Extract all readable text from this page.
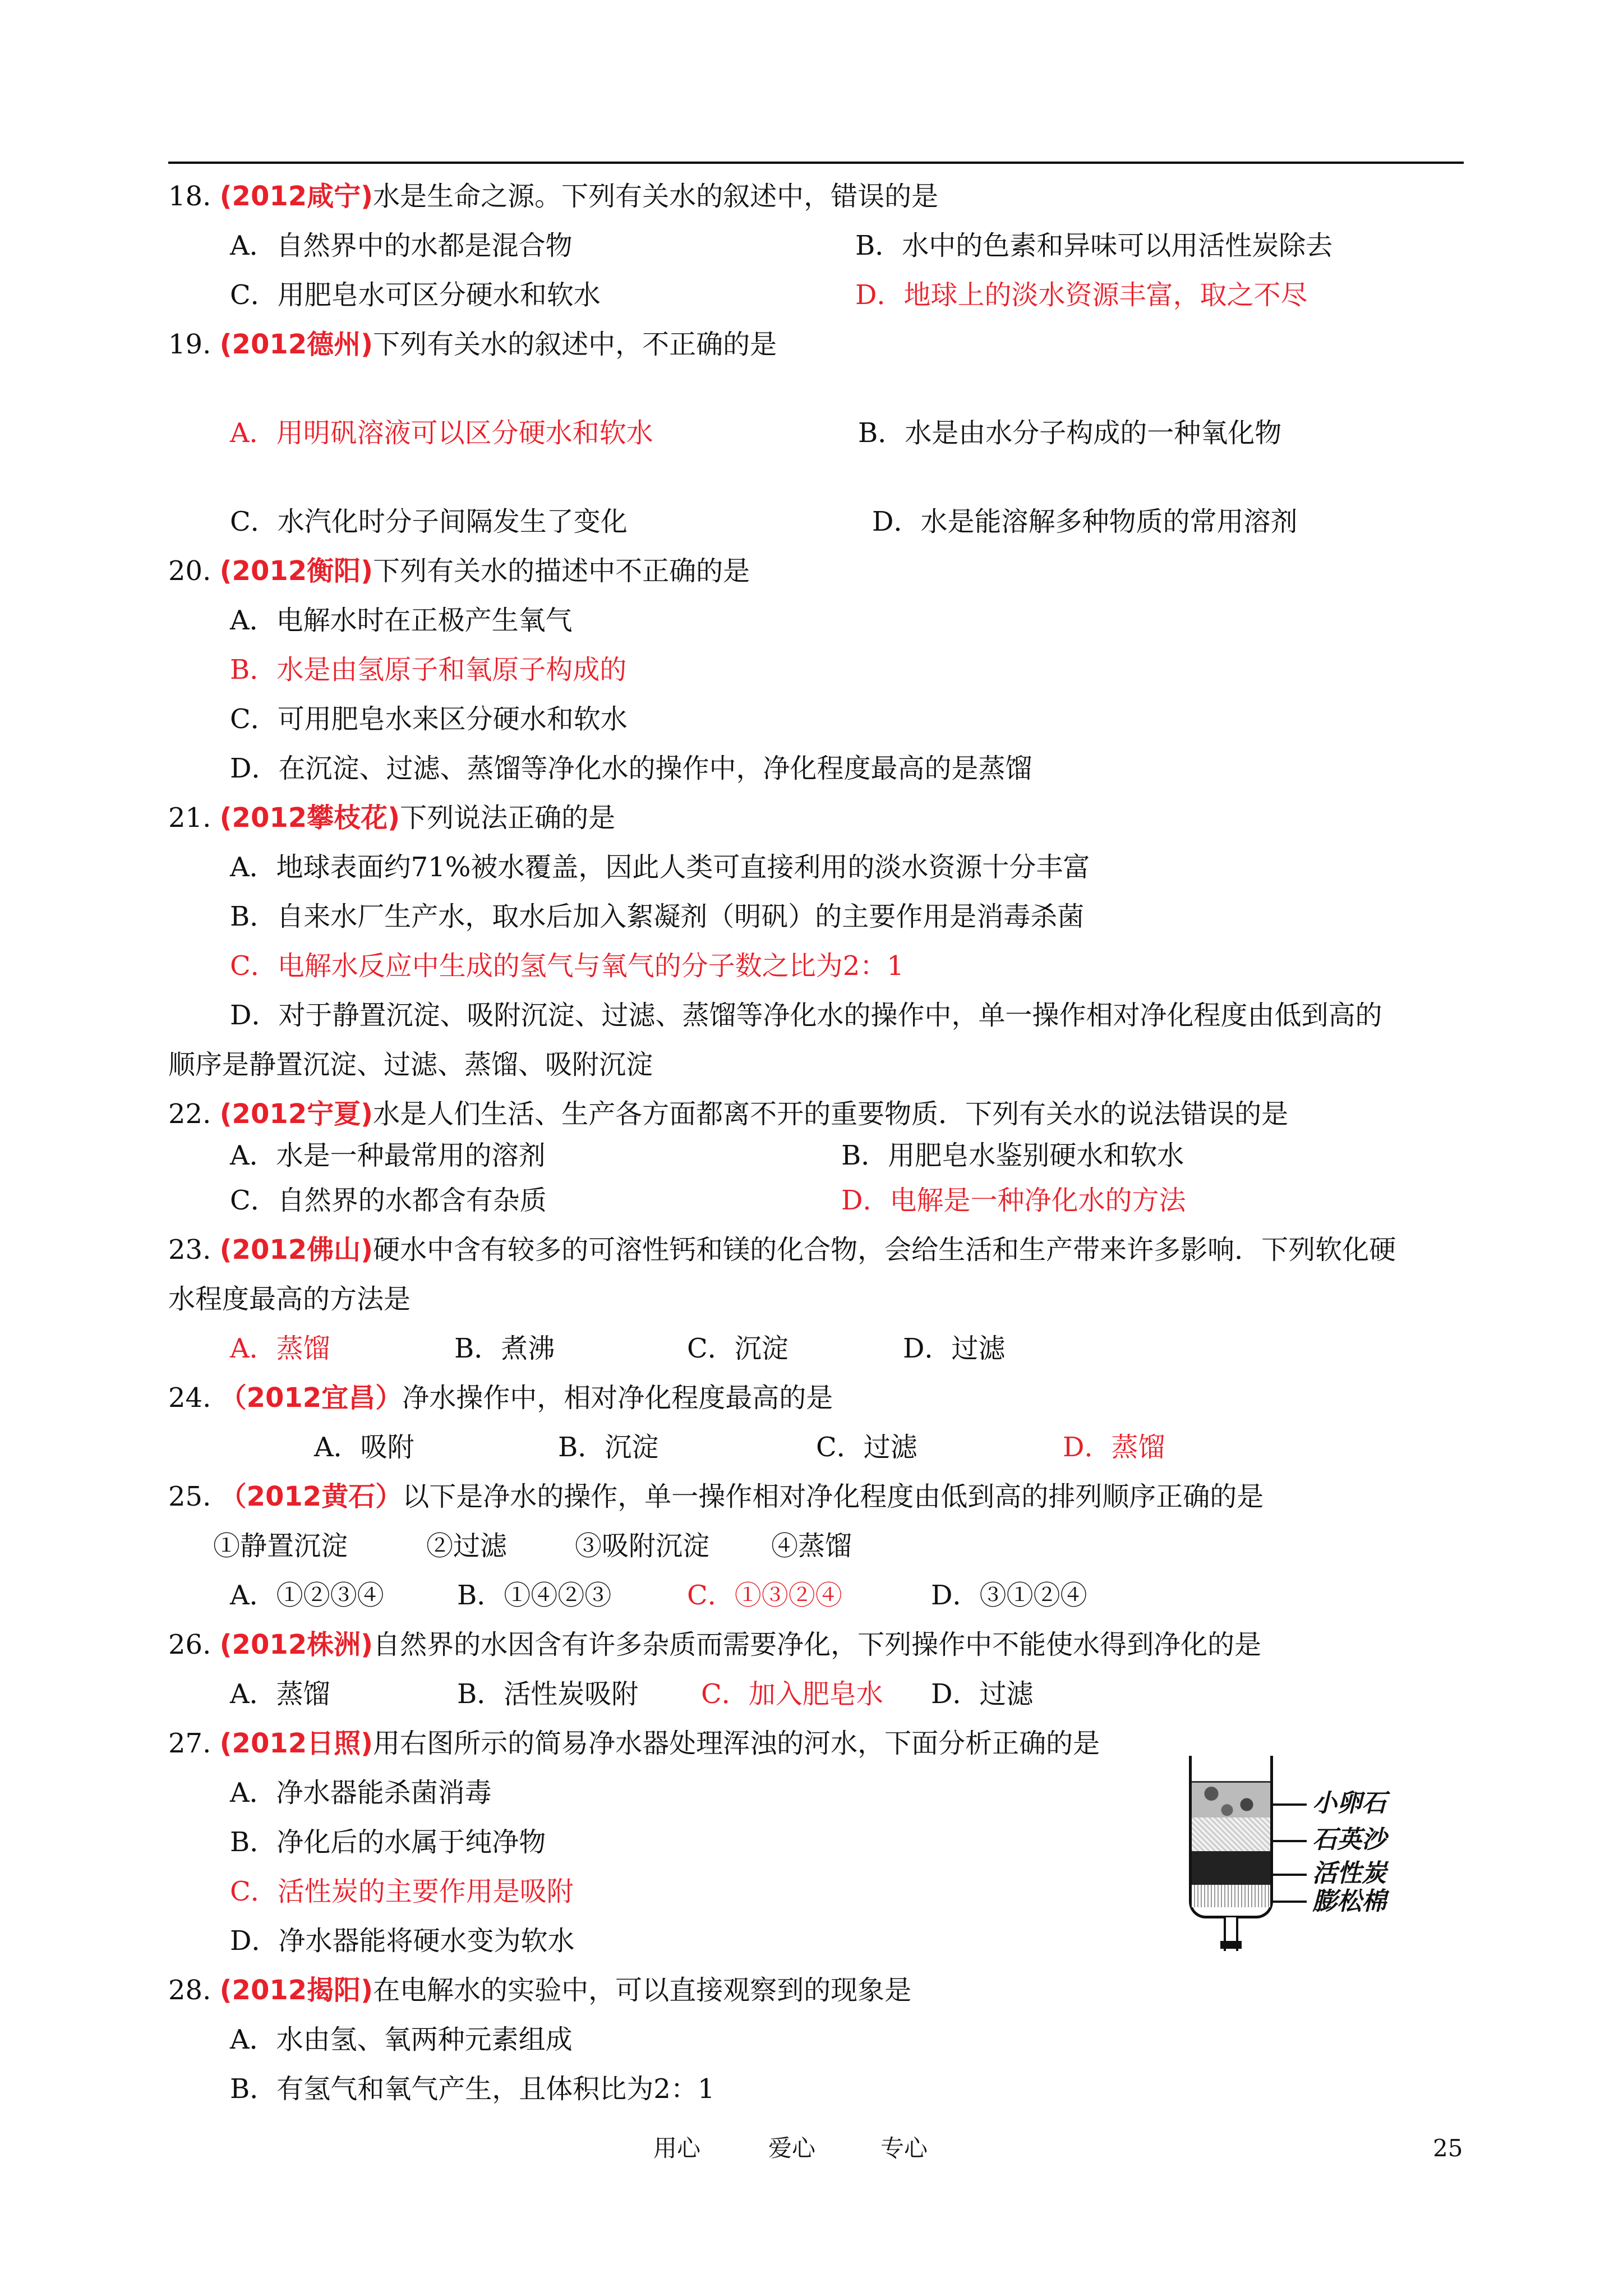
18. (2012咸宁)水是生命之源。下列有关水的叙述中，错误的是
A．自然界中的水都是混合物	B．水中的色素和异味可以用活性炭除去
C．用肥皂水可区分硬水和软水	D．地球上的淡水资源丰富，取之不尽
19. (2012德州)下列有关水的叙述中，不正确的是
A．用明矾溶液可以区分硬水和软水	B．水是由水分子构成的一种氧化物
C．水汽化时分子间隔发生了变化	D．水是能溶解多种物质的常用溶剂
20. (2012衡阳)下列有关水的描述中不正确的是
A．电解水时在正极产生氧气
B．水是由氢原子和氧原子构成的
C．可用肥皂水来区分硬水和软水
D．在沉淀、过滤、蒸馏等净化水的操作中，净化程度最高的是蒸馏
21. (2012攀枝花)下列说法正确的是
A．地球表面约71%被水覆盖，因此人类可直接利用的淡水资源十分丰富
B．自来水厂生产水，取水后加入絮凝剂（明矾）的主要作用是消毒杀菌
C．电解水反应中生成的氢气与氧气的分子数之比为2：1
D．对于静置沉淀、吸附沉淀、过滤、蒸馏等净化水的操作中，单一操作相对净化程度由低到高的
顺序是静置沉淀、过滤、蒸馏、吸附沉淀
22. (2012宁夏)水是人们生活、生产各方面都离不开的重要物质．下列有关水的说法错误的是
A．水是一种最常用的溶剂	B．用肥皂水鉴别硬水和软水
C．自然界的水都含有杂质	D．电解是一种净化水的方法
23. (2012佛山)硬水中含有较多的可溶性钙和镁的化合物，会给生活和生产带来许多影响．下列软化硬
水程度最高的方法是
A．蒸馏	B．煮沸	C．沉淀	D．过滤
24. （2012宜昌）净水操作中，相对净化程度最高的是
A．吸附	B．沉淀	C．过滤	D．蒸馏
25. （2012黄石）以下是净水的操作，单一操作相对净化程度由低到高的排列顺序正确的是
①静置沉淀	②过滤	③吸附沉淀 ④蒸馏
A．①②③④	B．①④②③	C．①③②④	D．③①②④
26. (2012株洲)自然界的水因含有许多杂质而需要净化，下列操作中不能使水得到净化的是
A．蒸馏	B．活性炭吸附 C．加入肥皂水 D．过滤
27. (2012日照)用右图所示的简易净水器处理浑浊的河水，下面分析正确的是
A．净水器能杀菌消毒
B．净化后的水属于纯净物
C．活性炭的主要作用是吸附
D．净水器能将硬水变为软水
小卵石
石英沙
活性炭
膨松棉
28. (2012揭阳)在电解水的实验中，可以直接观察到的现象是
A．水由氢、氧两种元素组成
B．有氢气和氧气产生，且体积比为2：1
用心	爱心	专心	25
